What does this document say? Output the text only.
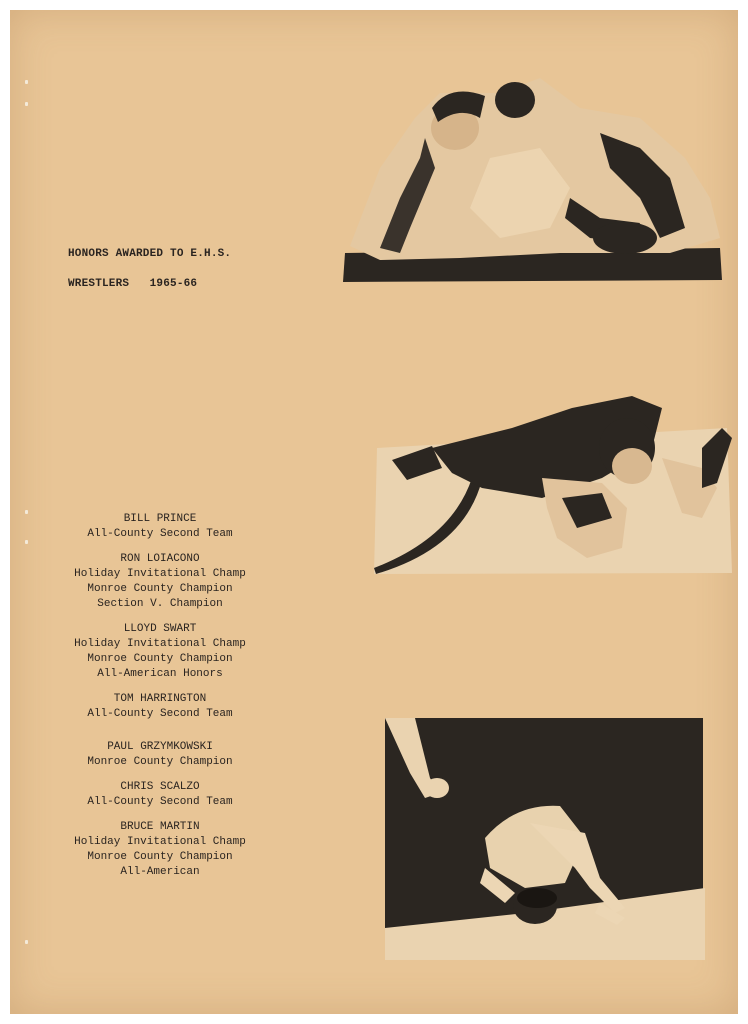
HONORS AWARDED TO E.H.S.
WRESTLERS   1965-66
BILL PRINCE
All-County Second Team
RON LOIACONO
Holiday Invitational Champ
Monroe County Champion
Section V. Champion
LLOYD SWART
Holiday Invitational Champ
Monroe County Champion
All-American Honors
TOM HARRINGTON
All-County Second Team
PAUL GRZYMKOWSKI
Monroe County Champion
CHRIS SCALZO
All-County Second Team
BRUCE MARTIN
Holiday Invitational Champ
Monroe County Champion
All-American
